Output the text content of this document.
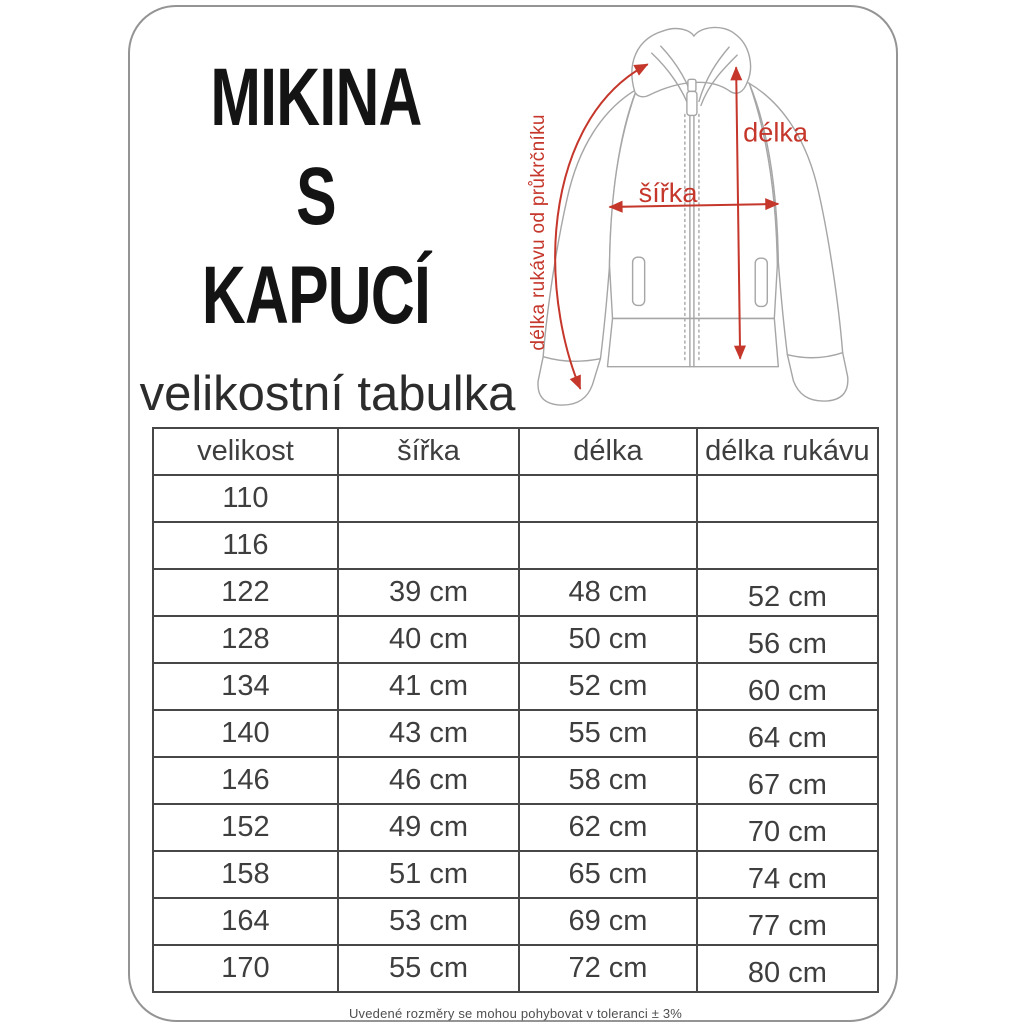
MIKINA
S
KAPUCÍ
velikostní tabulka
délka
šířka
délka rukávu od průkrčníku
velikost	šířka	délka	délka rukávu
110			
116			
122	39 cm	48 cm	52 cm
128	40 cm	50 cm	56 cm
134	41 cm	52 cm	60 cm
140	43 cm	55 cm	64 cm
146	46 cm	58 cm	67 cm
152	49 cm	62 cm	70 cm
158	51 cm	65 cm	74 cm
164	53 cm	69 cm	77 cm
170	55 cm	72 cm	80 cm
Uvedené rozměry se mohou pohybovat v toleranci ± 3%
